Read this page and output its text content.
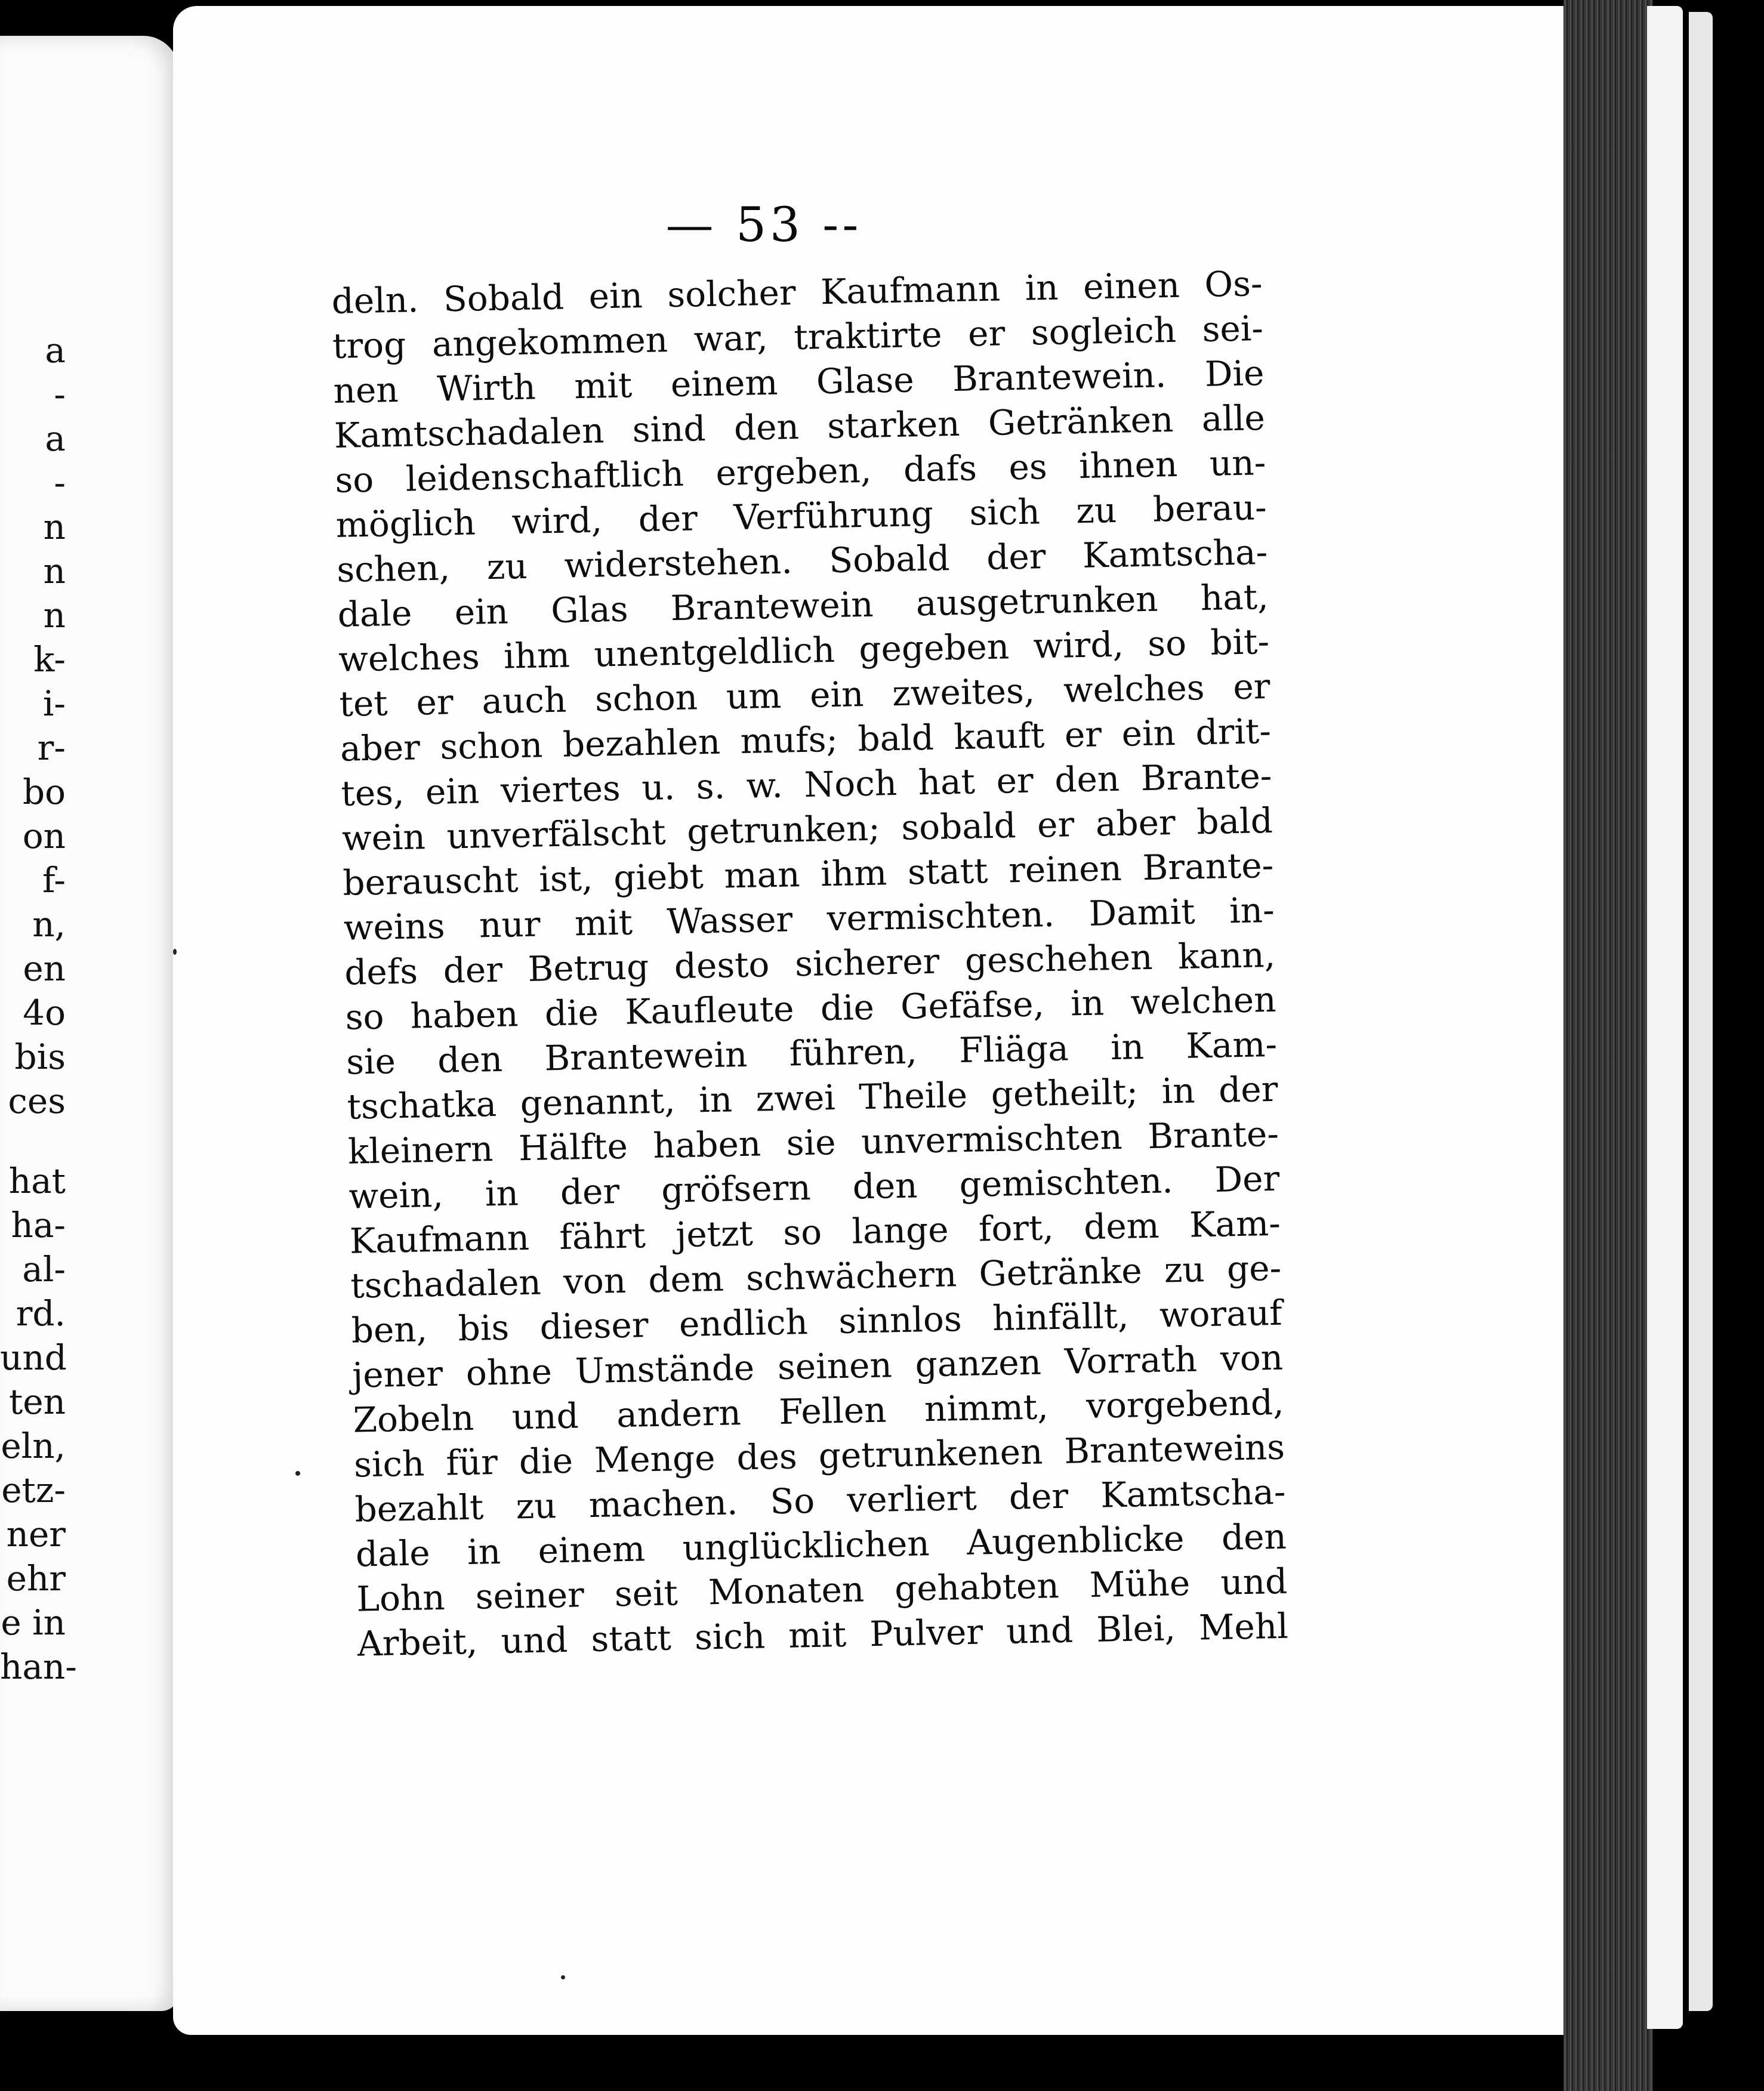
a
-
a
-
n
n
n
k-
i-
r-
bo
on
f-
n,
en
4o
bis
ces
hat
ha-
al-
rd.
und
ten
eln,
etz-
ner
ehr
e in
han-
— 53 --
deln. Sobald ein solcher Kaufmann in einen Os-
trog angekommen war, traktirte er sogleich sei-
nen Wirth mit einem Glase Brantewein. Die
Kamtschadalen sind den starken Getränken alle
so leidenschaftlich ergeben, dafs es ihnen un-
möglich wird, der Verführung sich zu berau-
schen, zu widerstehen. Sobald der Kamtscha-
dale ein Glas Brantewein ausgetrunken hat,
welches ihm unentgeldlich gegeben wird, so bit-
tet er auch schon um ein zweites, welches er
aber schon bezahlen mufs; bald kauft er ein drit-
tes, ein viertes u. s. w. Noch hat er den Brante-
wein unverfälscht getrunken; sobald er aber bald
berauscht ist, giebt man ihm statt reinen Brante-
weins nur mit Wasser vermischten. Damit in-
defs der Betrug desto sicherer geschehen kann,
so haben die Kaufleute die Gefäfse, in welchen
sie den Brantewein führen, Fliäga in Kam-
tschatka genannt, in zwei Theile getheilt; in der
kleinern Hälfte haben sie unvermischten Brante-
wein, in der gröfsern den gemischten. Der
Kaufmann fährt jetzt so lange fort, dem Kam-
tschadalen von dem schwächern Getränke zu ge-
ben, bis dieser endlich sinnlos hinfällt, worauf
jener ohne Umstände seinen ganzen Vorrath von
Zobeln und andern Fellen nimmt, vorgebend,
sich für die Menge des getrunkenen Branteweins
bezahlt zu machen. So verliert der Kamtscha-
dale in einem unglücklichen Augenblicke den
Lohn seiner seit Monaten gehabten Mühe und
Arbeit, und statt sich mit Pulver und Blei, Mehl
